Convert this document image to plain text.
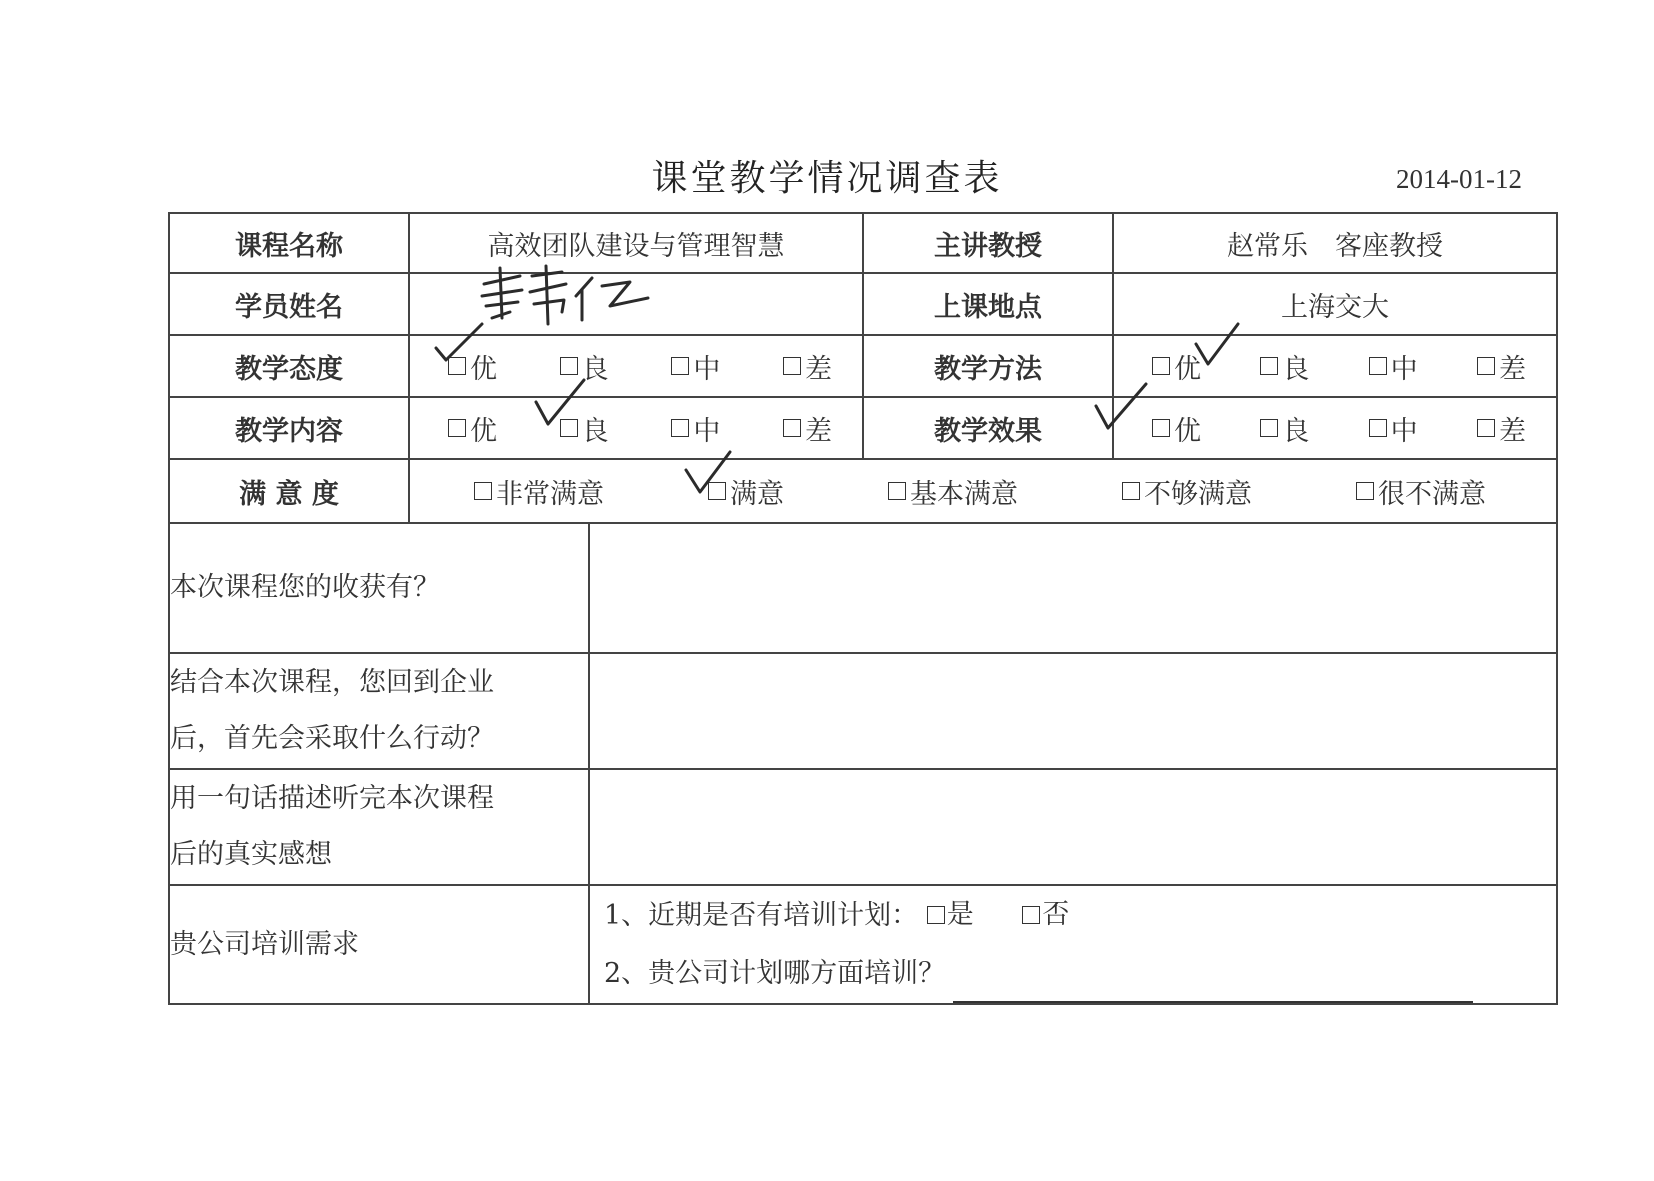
课堂教学情况调查表	2014-01-12
课程名称	高效团队建设与管理智慧		主讲教授	赵常乐　客座教授
学员姓名			上课地点	上海交大
教学态度	优 良 中 差		教学方法	优 良 中 差

教学内容	优 良 中 差		教学效果	优 良 中 差

满 意 度	非常满意 满意 基本满意 不够满意 很不满意			

本次课程您的收获有？				

结合本次课程，您回到企业
后，首先会采取什么行动？				

用一句话描述听完本次课程
后的真实感想				

贵公司培训需求		1、近期是否有培训计划： 是
否
2、贵公司计划哪方面培训？		
